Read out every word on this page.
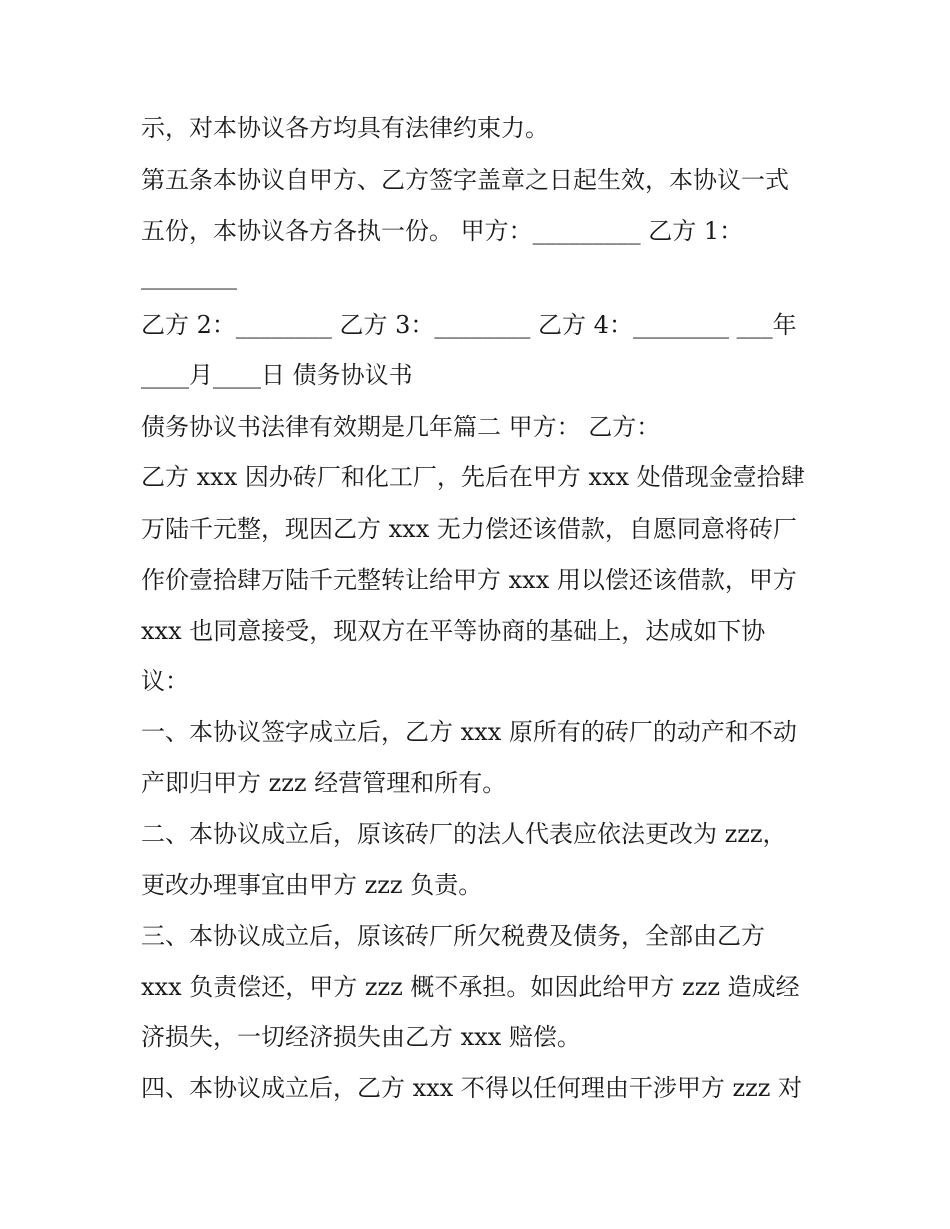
示，对本协议各方均具有法律约束力。
第五条本协议自甲方、乙方签字盖章之日起生效，本协议一式
五份，本协议各方各执一份。 甲方：_________ 乙方 1：
________
乙方 2：________ 乙方 3：________ 乙方 4：________ ___年
____月____日 债务协议书
债务协议书法律有效期是几年篇二 甲方： 乙方：
乙方 xxx 因办砖厂和化工厂，先后在甲方 xxx 处借现金壹拾肆
万陆千元整，现因乙方 xxx 无力偿还该借款，自愿同意将砖厂
作价壹拾肆万陆千元整转让给甲方 xxx 用以偿还该借款，甲方
xxx 也同意接受，现双方在平等协商的基础上，达成如下协
议：
一、本协议签字成立后，乙方 xxx 原所有的砖厂的动产和不动
产即归甲方 zzz 经营管理和所有。
二、本协议成立后，原该砖厂的法人代表应依法更改为 zzz，
更改办理事宜由甲方 zzz 负责。
三、本协议成立后，原该砖厂所欠税费及债务，全部由乙方
xxx 负责偿还，甲方 zzz 概不承担。如因此给甲方 zzz 造成经
济损失，一切经济损失由乙方 xxx 赔偿。
四、本协议成立后，乙方 xxx 不得以任何理由干涉甲方 zzz 对
